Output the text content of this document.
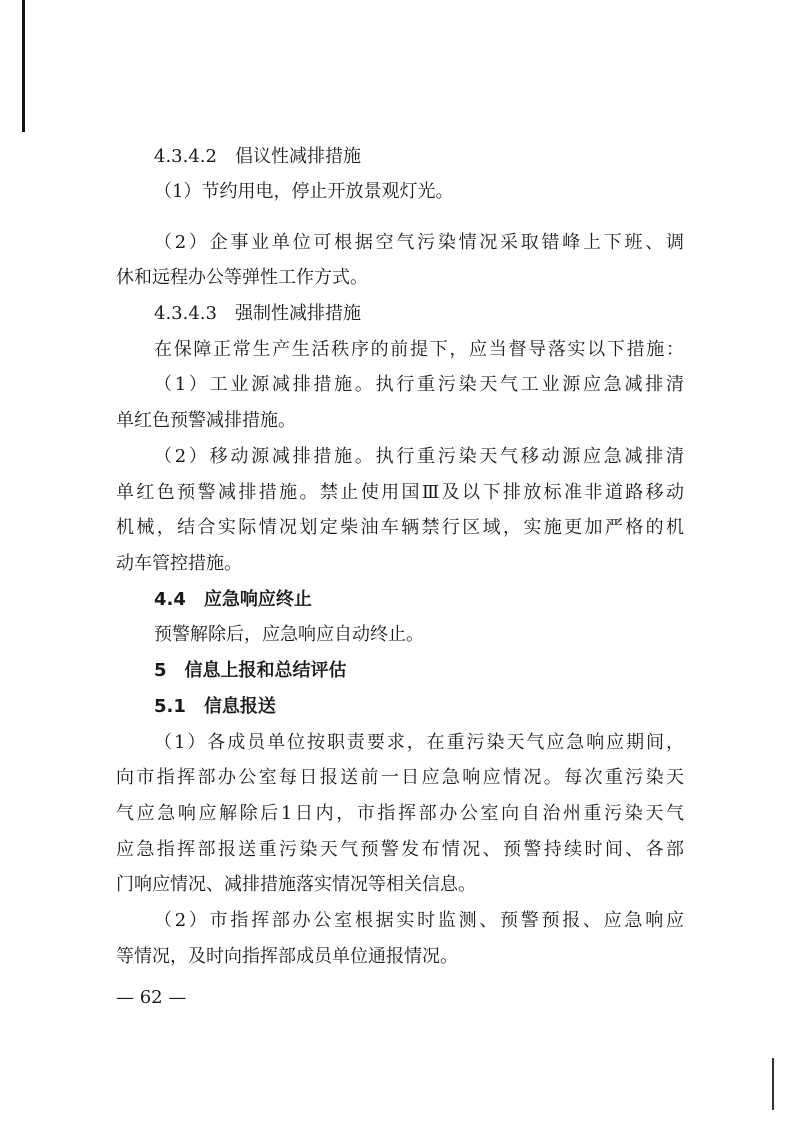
4.3.4.2　倡议性减排措施
（1）节约用电，停止开放景观灯光。
（2）企事业单位可根据空气污染情况采取错峰上下班、调
休和远程办公等弹性工作方式。
4.3.4.3　强制性减排措施
在保障正常生产生活秩序的前提下，应当督导落实以下措施：
（1）工业源减排措施。执行重污染天气工业源应急减排清
单红色预警减排措施。
（2）移动源减排措施。执行重污染天气移动源应急减排清
单红色预警减排措施。禁止使用国Ⅲ及以下排放标准非道路移动
机械，结合实际情况划定柴油车辆禁行区域，实施更加严格的机
动车管控措施。
4.4　应急响应终止
预警解除后，应急响应自动终止。
5　信息上报和总结评估
5.1　信息报送
（1）各成员单位按职责要求，在重污染天气应急响应期间，
向市指挥部办公室每日报送前一日应急响应情况。每次重污染天
气应急响应解除后1日内，市指挥部办公室向自治州重污染天气
应急指挥部报送重污染天气预警发布情况、预警持续时间、各部
门响应情况、减排措施落实情况等相关信息。
（2）市指挥部办公室根据实时监测、预警预报、应急响应
等情况，及时向指挥部成员单位通报情况。
— 62 —
